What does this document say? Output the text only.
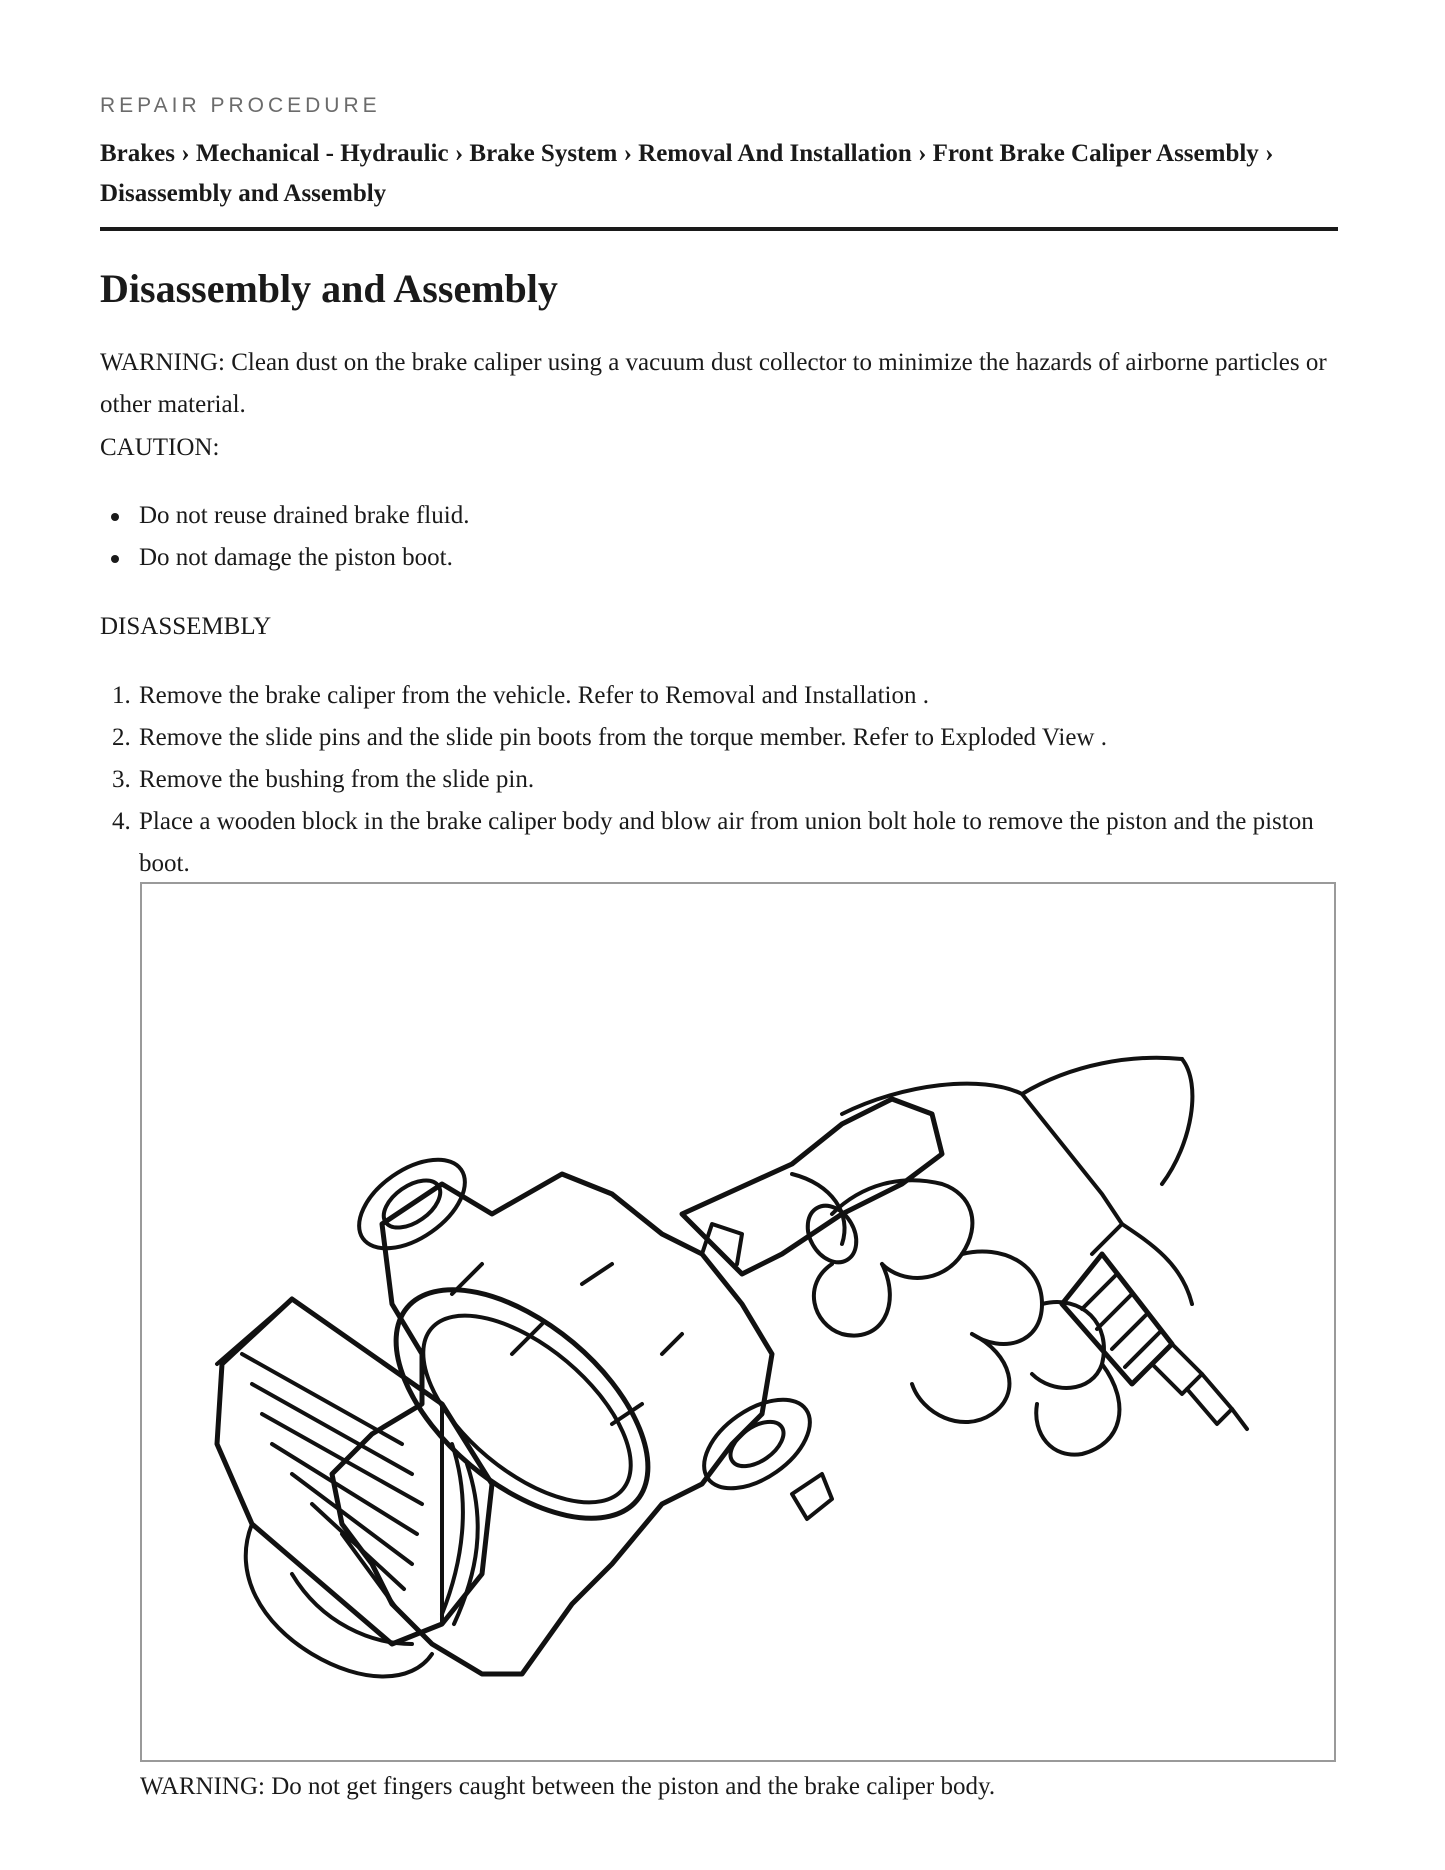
REPAIR PROCEDURE
Brakes › Mechanical - Hydraulic › Brake System › Removal And Installation › Front Brake Caliper Assembly ›
Disassembly and Assembly
Disassembly and Assembly
WARNING: Clean dust on the brake caliper using a vacuum dust collector to minimize the hazards of airborne particles or other material.
CAUTION:
Do not reuse drained brake fluid.
Do not damage the piston boot.
DISASSEMBLY
1. Remove the brake caliper from the vehicle. Refer to Removal and Installation .
2. Remove the slide pins and the slide pin boots from the torque member. Refer to Exploded View .
3. Remove the bushing from the slide pin.
4. Place a wooden block in the brake caliper body and blow air from union bolt hole to remove the piston and the piston boot.
WARNING: Do not get fingers caught between the piston and the brake caliper body.
